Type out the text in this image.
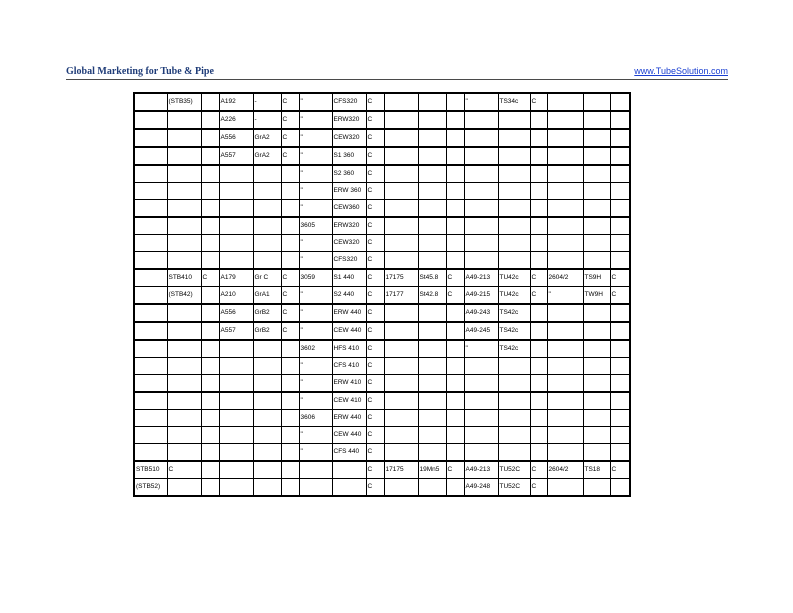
Global Marketing for Tube & Pipe	www.TubeSolution.com
	(STB35)		A192	-	C	"	CFS320	C				"	TS34c	C			
			A226	-	C	"	ERW320	C									
			A556	GrA2	C	"	CEW320	C									
			A557	GrA2	C	"	S1 360	C									
						"	S2 360	C									
						"	ERW 360	C									
						"	CEW360	C									
						3605	ERW320	C									
						"	CEW320	C									
						"	CFS320	C									
	STB410	C	A179	Gr C	C	3059	S1 440	C	17175	St45.8	C	A49-213	TU42c	C	2604/2	TS9H	C
	(STB42)		A210	GrA1	C	"	S2 440	C	17177	St42.8	C	A49-215	TU42c	C	"	TW9H	C
			A556	GrB2	C	"	ERW 440	C				A49-243	TS42c				
			A557	GrB2	C	"	CEW 440	C				A49-245	TS42c				
						3602	HFS 410	C				"	TS42c				
						"	CFS 410	C									
						"	ERW 410	C									
						"	CEW 410	C									
						3606	ERW 440	C									
						"	CEW 440	C									
						"	CFS 440	C									
STB510	C							C	17175	19Mn5	C	A49-213	TU52C	C	2604/2	TS18	C
(STB52)								C				A49-248	TU52C	C			
